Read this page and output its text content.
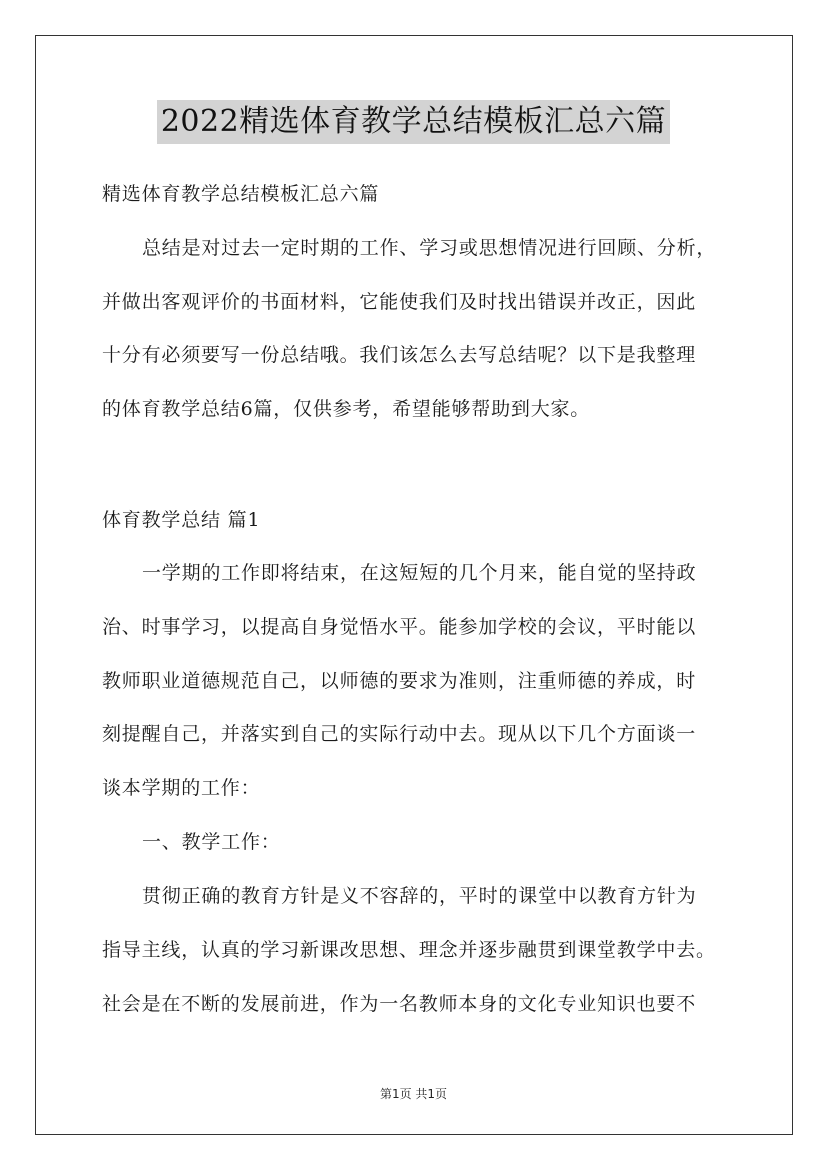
2022精选体育教学总结模板汇总六篇
精选体育教学总结模板汇总六篇
总结是对过去一定时期的工作、学习或思想情况进行回顾、分析，
并做出客观评价的书面材料，它能使我们及时找出错误并改正，因此
十分有必须要写一份总结哦。我们该怎么去写总结呢？以下是我整理
的体育教学总结6篇，仅供参考，希望能够帮助到大家。
体育教学总结 篇1
一学期的工作即将结束，在这短短的几个月来，能自觉的坚持政
治、时事学习，以提高自身觉悟水平。能参加学校的会议，平时能以
教师职业道德规范自己，以师德的要求为准则，注重师德的养成，时
刻提醒自己，并落实到自己的实际行动中去。现从以下几个方面谈一
谈本学期的工作：
一、教学工作：
贯彻正确的教育方针是义不容辞的，平时的课堂中以教育方针为
指导主线，认真的学习新课改思想、理念并逐步融贯到课堂教学中去。
社会是在不断的发展前进，作为一名教师本身的文化专业知识也要不
第1页 共1页
